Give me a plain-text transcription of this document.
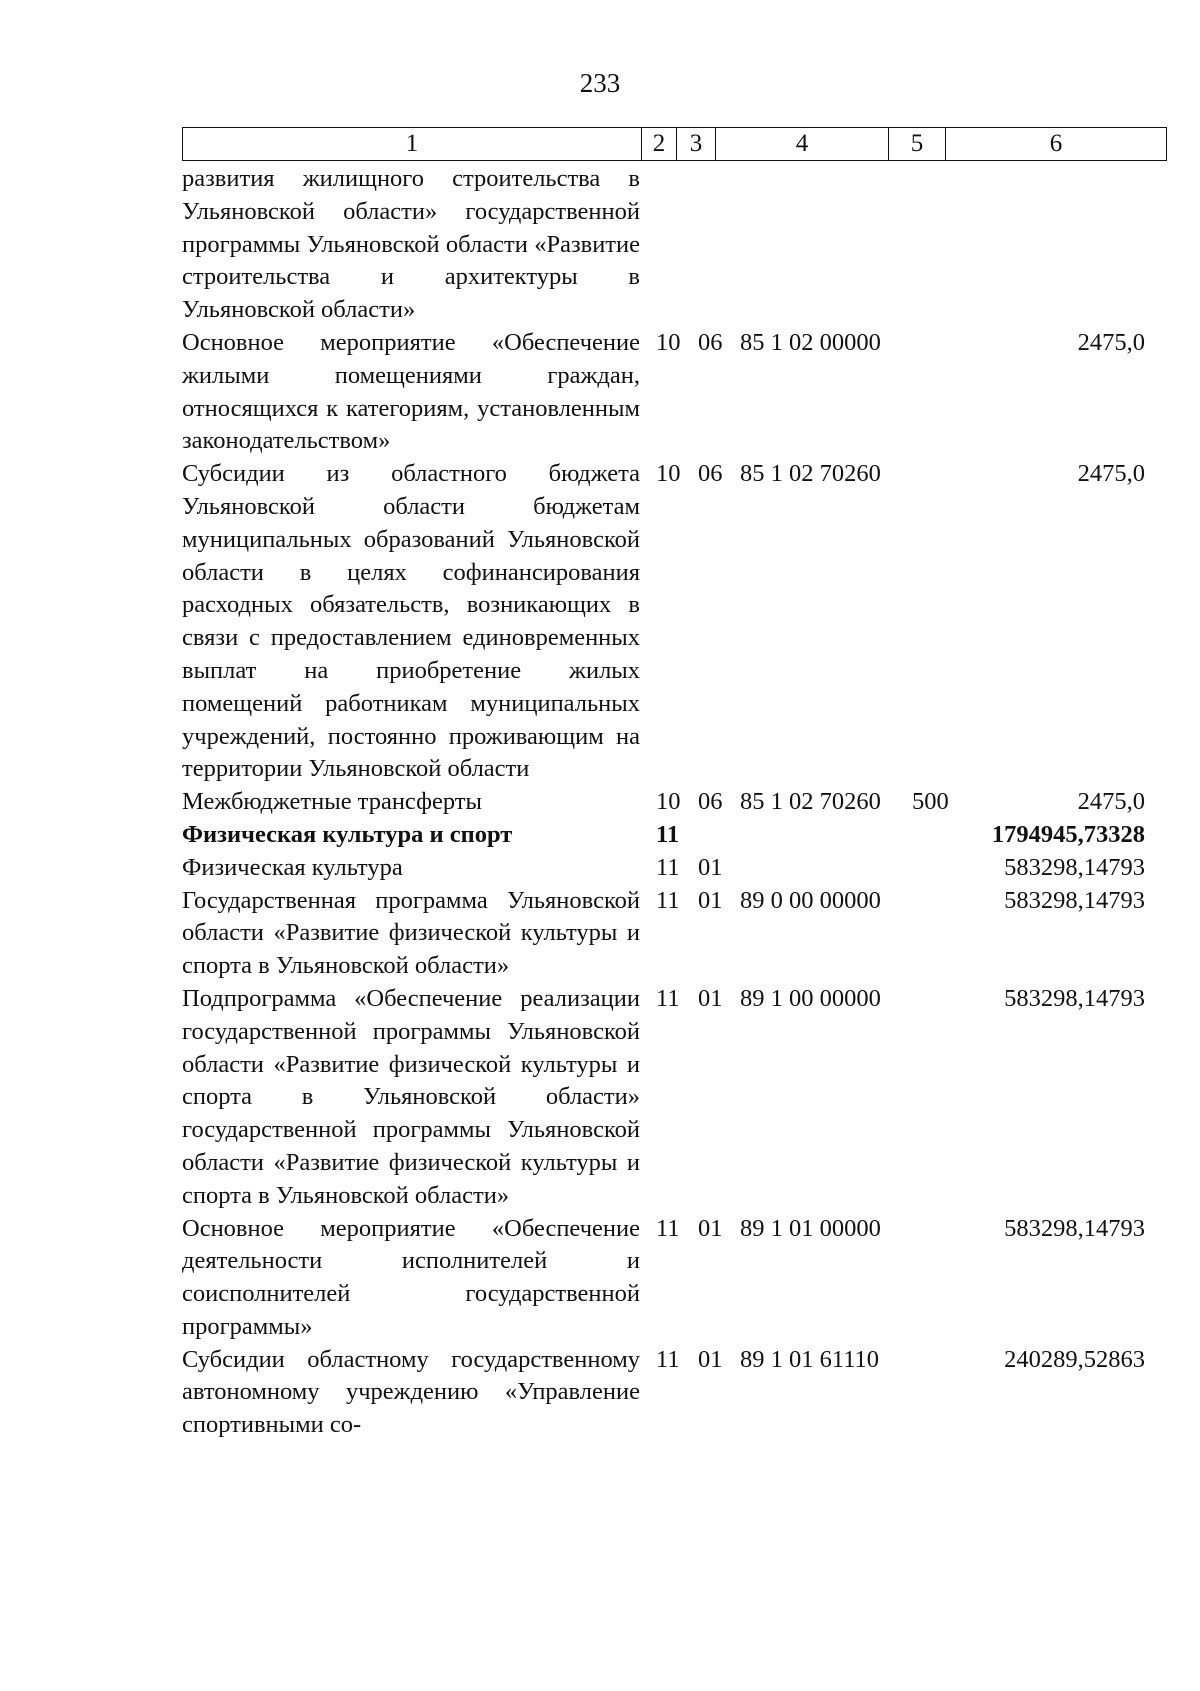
233
1	2	3	4	5	6
развития жилищного строительства в Ульяновской области» государственной программы Ульяновской области «Развитие строительства и архитектуры в Ульяновской области»					
Основное мероприятие «Обеспечение жилыми помещениями граждан, относящихся к категориям, установленным законодательством»	10	06	85 1 02 00000		2475,0
Субсидии из областного бюджета Ульяновской области бюджетам муниципальных образований Ульяновской области в целях софинансирования расходных обязательств, возникающих в связи с предоставлением единовременных выплат на приобретение жилых помещений работникам муниципальных учреждений, постоянно проживающим на территории Ульяновской области	10	06	85 1 02 70260		2475,0
Межбюджетные трансферты	10	06	85 1 02 70260	500	2475,0
Физическая культура и спорт	11				1794945,73328
Физическая культура	11	01			583298,14793
Государственная программа Ульяновской области «Развитие физической культуры и спорта в Ульяновской области»	11	01	89 0 00 00000		583298,14793
Подпрограмма «Обеспечение реализации государственной программы Ульяновской области «Развитие физической культуры и спорта в Ульяновской области» государственной программы Ульяновской области «Развитие физической культуры и спорта в Ульяновской области»	11	01	89 1 00 00000		583298,14793
Основное мероприятие «Обеспечение деятельности исполнителей и соисполнителей государственной программы»	11	01	89 1 01 00000		583298,14793
Субсидии областному государственному автономному учреждению «Управление спортивными со-	11	01	89 1 01 61110		240289,52863
